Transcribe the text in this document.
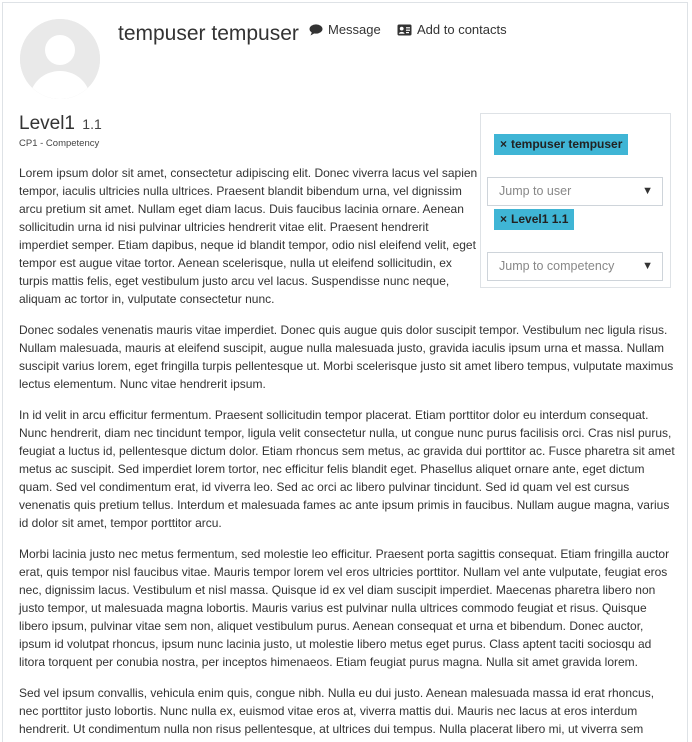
tempuser tempuser Message	Add to contacts
Level1 1.1
CP1 - Competency	× tempuser tempuser
Jump to user	▼
× Level1 1.1
Jump to competency	▼

Lorem ipsum dolor sit amet, consectetur adipiscing elit. Donec viverra lacus vel sapien tempor, iaculis ultricies nulla ultrices. Praesent blandit bibendum urna, vel dignissim arcu pretium sit amet. Nullam eget diam lacus. Duis faucibus lacinia ornare. Aenean sollicitudin urna id nisi pulvinar ultricies hendrerit vitae elit. Praesent hendrerit imperdiet semper. Etiam dapibus, neque id blandit tempor, odio nisl eleifend velit, eget tempor est augue vitae tortor. Aenean scelerisque, nulla ut eleifend sollicitudin, ex turpis mattis felis, eget vestibulum justo arcu vel lacus. Suspendisse nunc neque, aliquam ac tortor in, vulputate consectetur nunc.

Donec sodales venenatis mauris vitae imperdiet. Donec quis augue quis dolor suscipit tempor. Vestibulum nec ligula risus. Nullam malesuada, mauris at eleifend suscipit, augue nulla malesuada justo, gravida iaculis ipsum urna et massa. Nullam suscipit varius lorem, eget fringilla turpis pellentesque ut. Morbi scelerisque justo sit amet libero tempus, vulputate maximus lectus elementum. Nunc vitae hendrerit ipsum.

In id velit in arcu efficitur fermentum. Praesent sollicitudin tempor placerat. Etiam porttitor dolor eu interdum consequat. Nunc hendrerit, diam nec tincidunt tempor, ligula velit consectetur nulla, ut congue nunc purus facilisis orci. Cras nisl purus, feugiat a luctus id, pellentesque dictum dolor. Etiam rhoncus sem metus, ac gravida dui porttitor ac. Fusce pharetra sit amet metus ac suscipit. Sed imperdiet lorem tortor, nec efficitur felis blandit eget. Phasellus aliquet ornare ante, eget dictum quam. Sed vel condimentum erat, id viverra leo. Sed ac orci ac libero pulvinar tincidunt. Sed id quam vel est cursus venenatis quis pretium tellus. Interdum et malesuada fames ac ante ipsum primis in faucibus. Nullam augue magna, varius id dolor sit amet, tempor porttitor arcu.

Morbi lacinia justo nec metus fermentum, sed molestie leo efficitur. Praesent porta sagittis consequat. Etiam fringilla auctor erat, quis tempor nisl faucibus vitae. Mauris tempor lorem vel eros ultricies porttitor. Nullam vel ante vulputate, feugiat eros nec, dignissim lacus. Vestibulum et nisl massa. Quisque id ex vel diam suscipit imperdiet. Maecenas pharetra libero non justo tempor, ut malesuada magna lobortis. Mauris varius est pulvinar nulla ultrices commodo feugiat et risus. Quisque libero ipsum, pulvinar vitae sem non, aliquet vestibulum purus. Aenean consequat et urna et bibendum. Donec auctor, ipsum id volutpat rhoncus, ipsum nunc lacinia justo, ut molestie libero metus eget purus. Class aptent taciti sociosqu ad litora torquent per conubia nostra, per inceptos himenaeos. Etiam feugiat purus magna. Nulla sit amet gravida lorem.

Sed vel ipsum convallis, vehicula enim quis, congue nibh. Nulla eu dui justo. Aenean malesuada massa id erat rhoncus, nec porttitor justo lobortis. Nunc nulla ex, euismod vitae eros at, viverra mattis dui. Mauris nec lacus at eros interdum hendrerit. Ut condimentum nulla non risus pellentesque, at ultrices dui tempus. Nulla placerat libero mi, ut viverra sem
